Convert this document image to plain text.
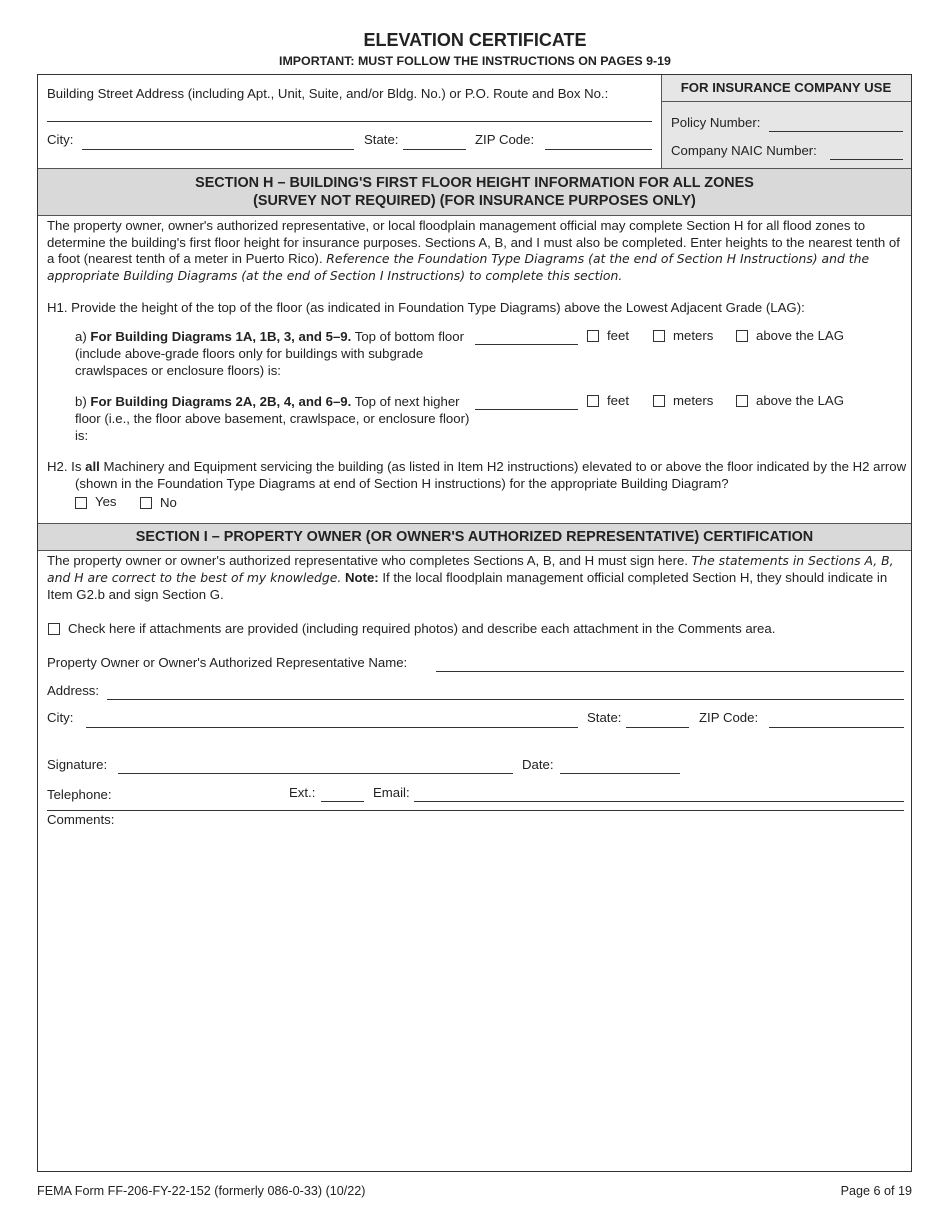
ELEVATION CERTIFICATE
IMPORTANT: MUST FOLLOW THE INSTRUCTIONS ON PAGES 9-19
Building Street Address (including Apt., Unit, Suite, and/or Bldg. No.) or P.O. Route and Box No.:
City:	State:	ZIP Code:
FOR INSURANCE COMPANY USE
Policy Number:
Company NAIC Number:
SECTION H – BUILDING'S FIRST FLOOR HEIGHT INFORMATION FOR ALL ZONES
(SURVEY NOT REQUIRED) (FOR INSURANCE PURPOSES ONLY)
The property owner, owner's authorized representative, or local floodplain management official may complete Section H for all flood zones to determine the building's first floor height for insurance purposes. Sections A, B, and I must also be completed. Enter heights to the nearest tenth of a foot (nearest tenth of a meter in Puerto Rico). Reference the Foundation Type Diagrams (at the end of Section H Instructions) and the appropriate Building Diagrams (at the end of Section I Instructions) to complete this section.
H1. Provide the height of the top of the floor (as indicated in Foundation Type Diagrams) above the Lowest Adjacent Grade (LAG):
a) For Building Diagrams 1A, 1B, 3, and 5–9. Top of bottom floor (include above-grade floors only for buildings with subgrade crawlspaces or enclosure floors) is:
feet	meters	above the LAG
b) For Building Diagrams 2A, 2B, 4, and 6–9. Top of next higher floor (i.e., the floor above basement, crawlspace, or enclosure floor) is:
feet	meters	above the LAG
H2. Is all Machinery and Equipment servicing the building (as listed in Item H2 instructions) elevated to or above the floor indicated by the H2 arrow (shown in the Foundation Type Diagrams at end of Section H instructions) for the appropriate Building Diagram?
Yes	No
SECTION I – PROPERTY OWNER (OR OWNER'S AUTHORIZED REPRESENTATIVE) CERTIFICATION
The property owner or owner's authorized representative who completes Sections A, B, and H must sign here. The statements in Sections A, B, and H are correct to the best of my knowledge. Note: If the local floodplain management official completed Section H, they should indicate in Item G2.b and sign Section G.
Check here if attachments are provided (including required photos) and describe each attachment in the Comments area.
Property Owner or Owner's Authorized Representative Name:
Address:
City:	State:	ZIP Code:
Signature:	Date:
Telephone:	Ext.:	Email:
Comments:
FEMA Form FF-206-FY-22-152 (formerly 086-0-33) (10/22)	Page 6 of 19
